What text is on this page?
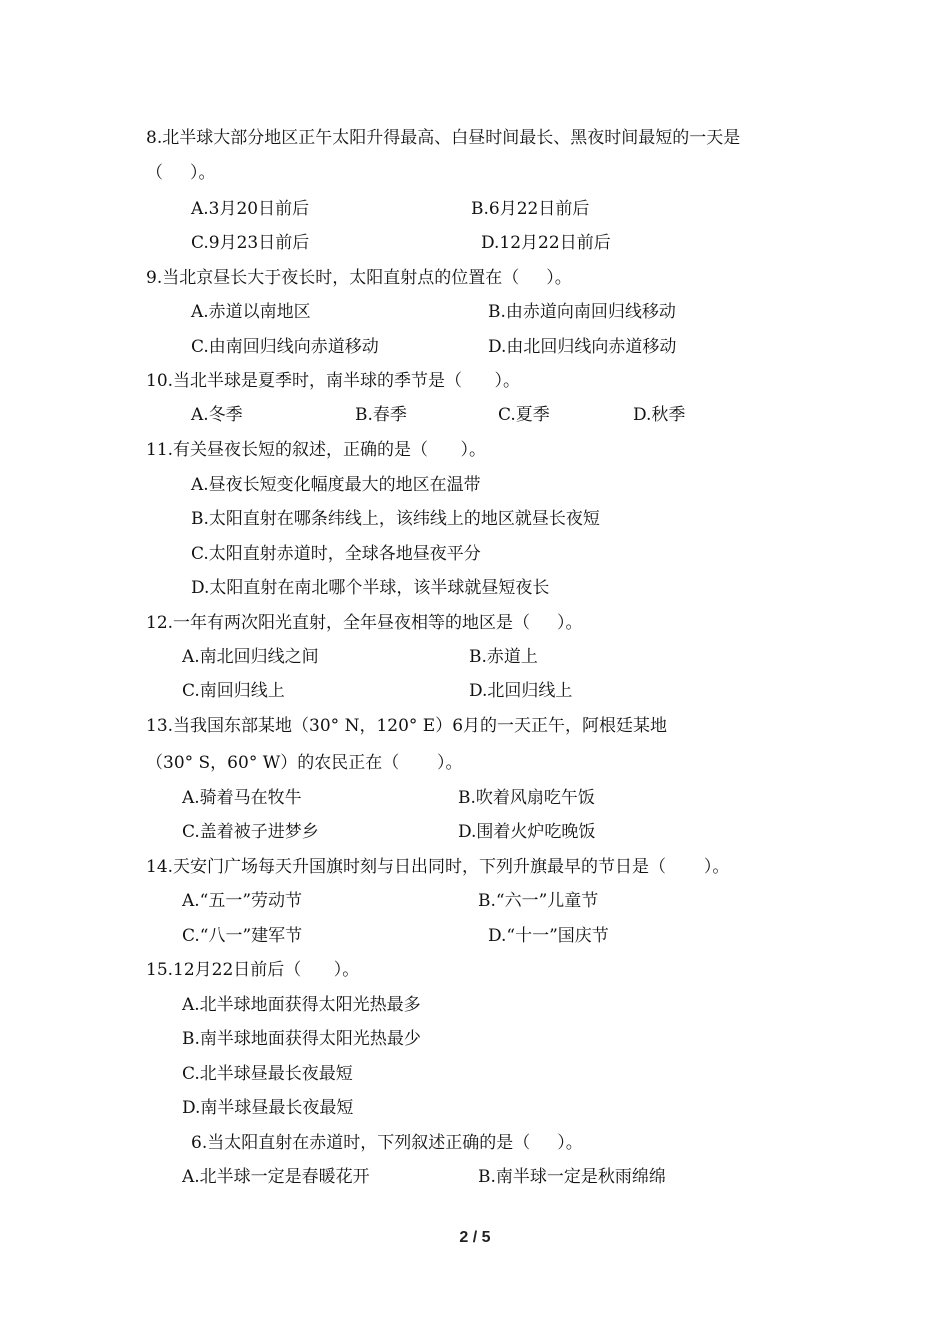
8.北半球大部分地区正午太阳升得最高、白昼时间最长、黑夜时间最短的一天是
（     ）。
A.3月20日前后	B.6月22日前后
C.9月23日前后	D.12月22日前后
9.当北京昼长大于夜长时，太阳直射点的位置在（     ）。
A.赤道以南地区	B.由赤道向南回归线移动
C.由南回归线向赤道移动	D.由北回归线向赤道移动
10.当北半球是夏季时，南半球的季节是（      ）。
A.冬季	B.春季	C.夏季	D.秋季
11.有关昼夜长短的叙述，正确的是（      ）。
A.昼夜长短变化幅度最大的地区在温带
B.太阳直射在哪条纬线上，该纬线上的地区就昼长夜短
C.太阳直射赤道时，全球各地昼夜平分
D.太阳直射在南北哪个半球，该半球就昼短夜长
12.一年有两次阳光直射，全年昼夜相等的地区是（     ）。
A.南北回归线之间	B.赤道上
C.南回归线上	D.北回归线上
13.当我国东部某地（30° N，120° E）6月的一天正午，阿根廷某地
（30° S，60° W）的农民正在（       ）。
A.骑着马在牧牛	B.吹着风扇吃午饭
C.盖着被子进梦乡	D.围着火炉吃晚饭
14.天安门广场每天升国旗时刻与日出同时，下列升旗最早的节日是（       ）。
A.“五一”劳动节	B.“六一”儿童节
C.“八一”建军节	D.“十一”国庆节
15.12月22日前后（      ）。
A.北半球地面获得太阳光热最多
B.南半球地面获得太阳光热最少
C.北半球昼最长夜最短
D.南半球昼最长夜最短
6.当太阳直射在赤道时，下列叙述正确的是（     ）。
A.北半球一定是春暖花开	B.南半球一定是秋雨绵绵
2 / 5
